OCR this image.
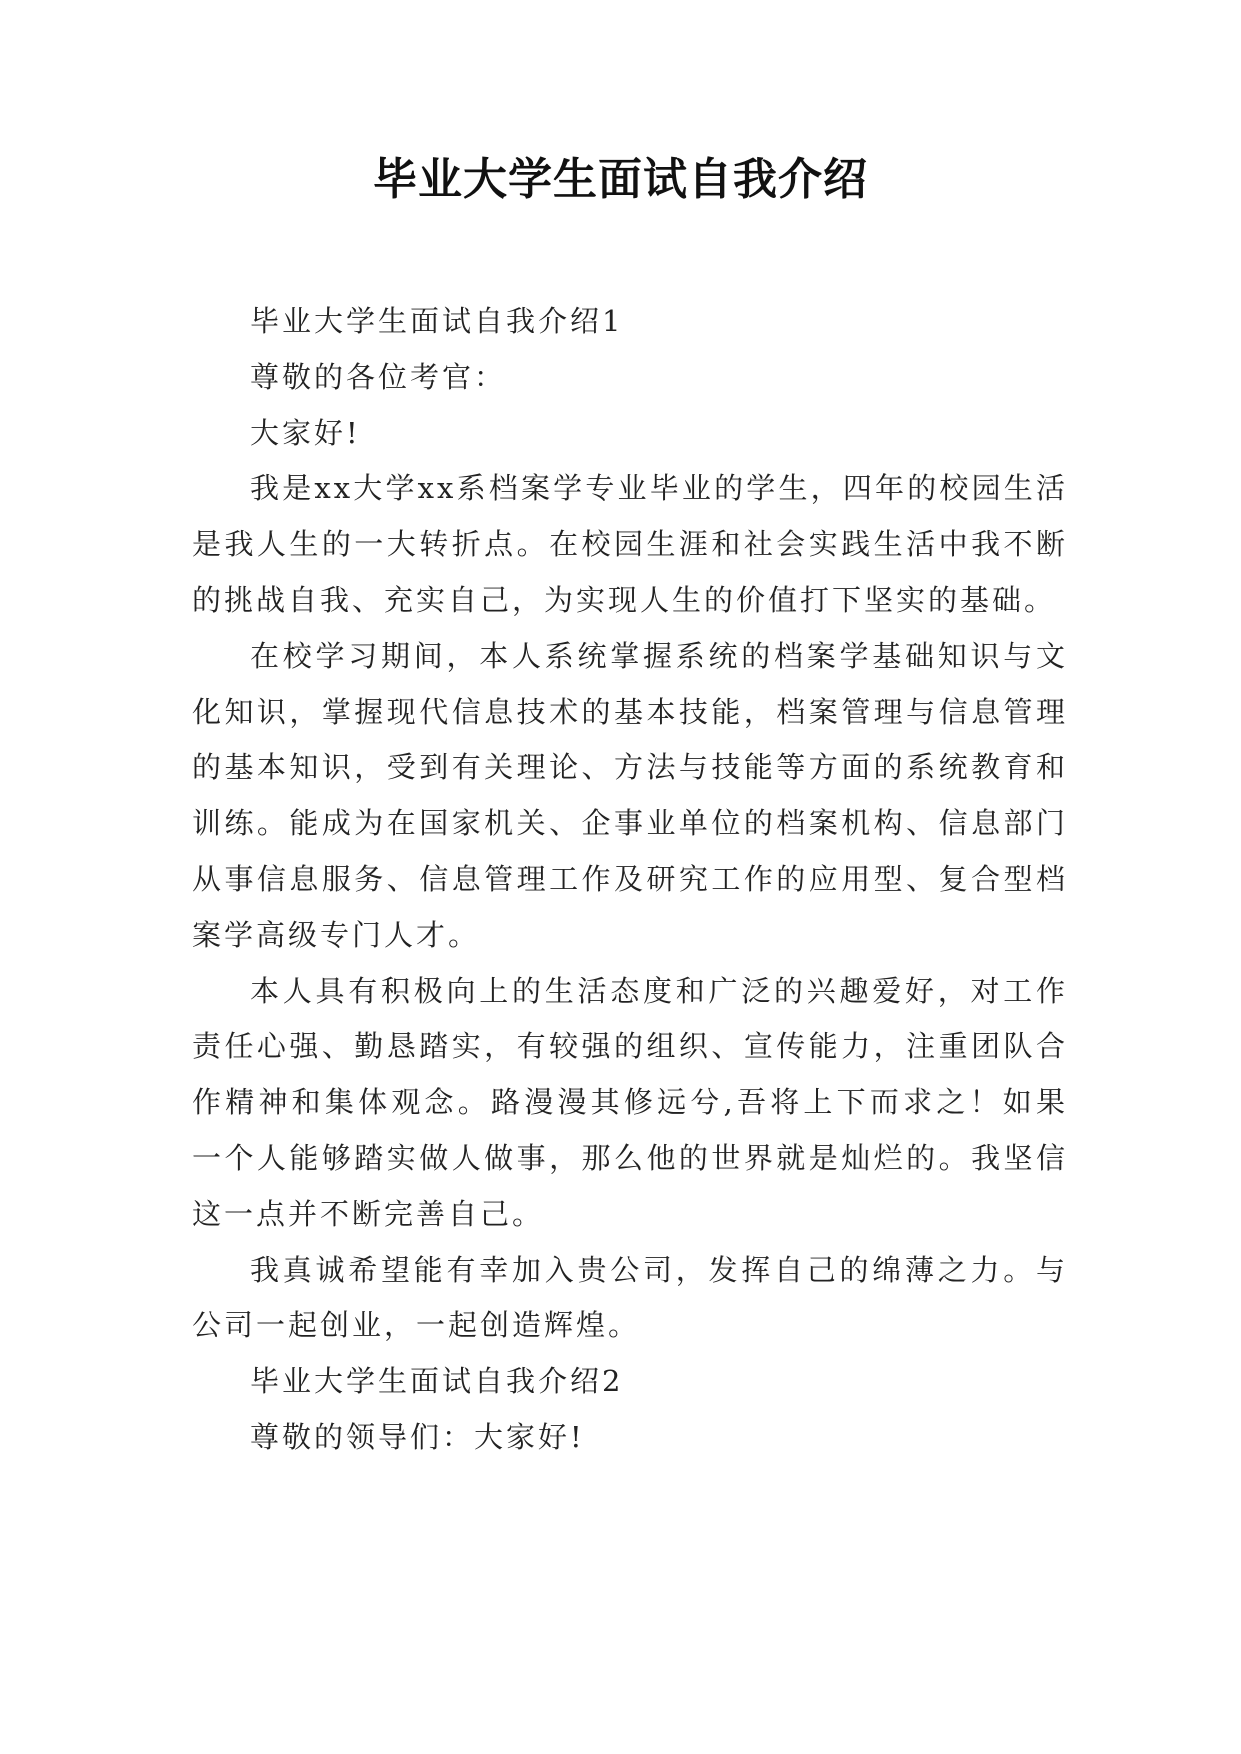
毕业大学生面试自我介绍

毕业大学生面试自我介绍1

尊敬的各位考官：

大家好!

我是xx大学xx系档案学专业毕业的学生，四年的校园生活是我人生的一大转折点。在校园生涯和社会实践生活中我不断的挑战自我、充实自己，为实现人生的价值打下坚实的基础。

在校学习期间，本人系统掌握系统的档案学基础知识与文化知识，掌握现代信息技术的基本技能，档案管理与信息管理的基本知识，受到有关理论、方法与技能等方面的系统教育和训练。能成为在国家机关、企事业单位的档案机构、信息部门从事信息服务、信息管理工作及研究工作的应用型、复合型档案学高级专门人才。

本人具有积极向上的生活态度和广泛的兴趣爱好，对工作责任心强、勤恳踏实，有较强的组织、宣传能力，注重团队合作精神和集体观念。路漫漫其修远兮,吾将上下而求之！如果一个人能够踏实做人做事，那么他的世界就是灿烂的。我坚信这一点并不断完善自己。

我真诚希望能有幸加入贵公司，发挥自己的绵薄之力。与公司一起创业，一起创造辉煌。

毕业大学生面试自我介绍2

尊敬的领导们：大家好!
